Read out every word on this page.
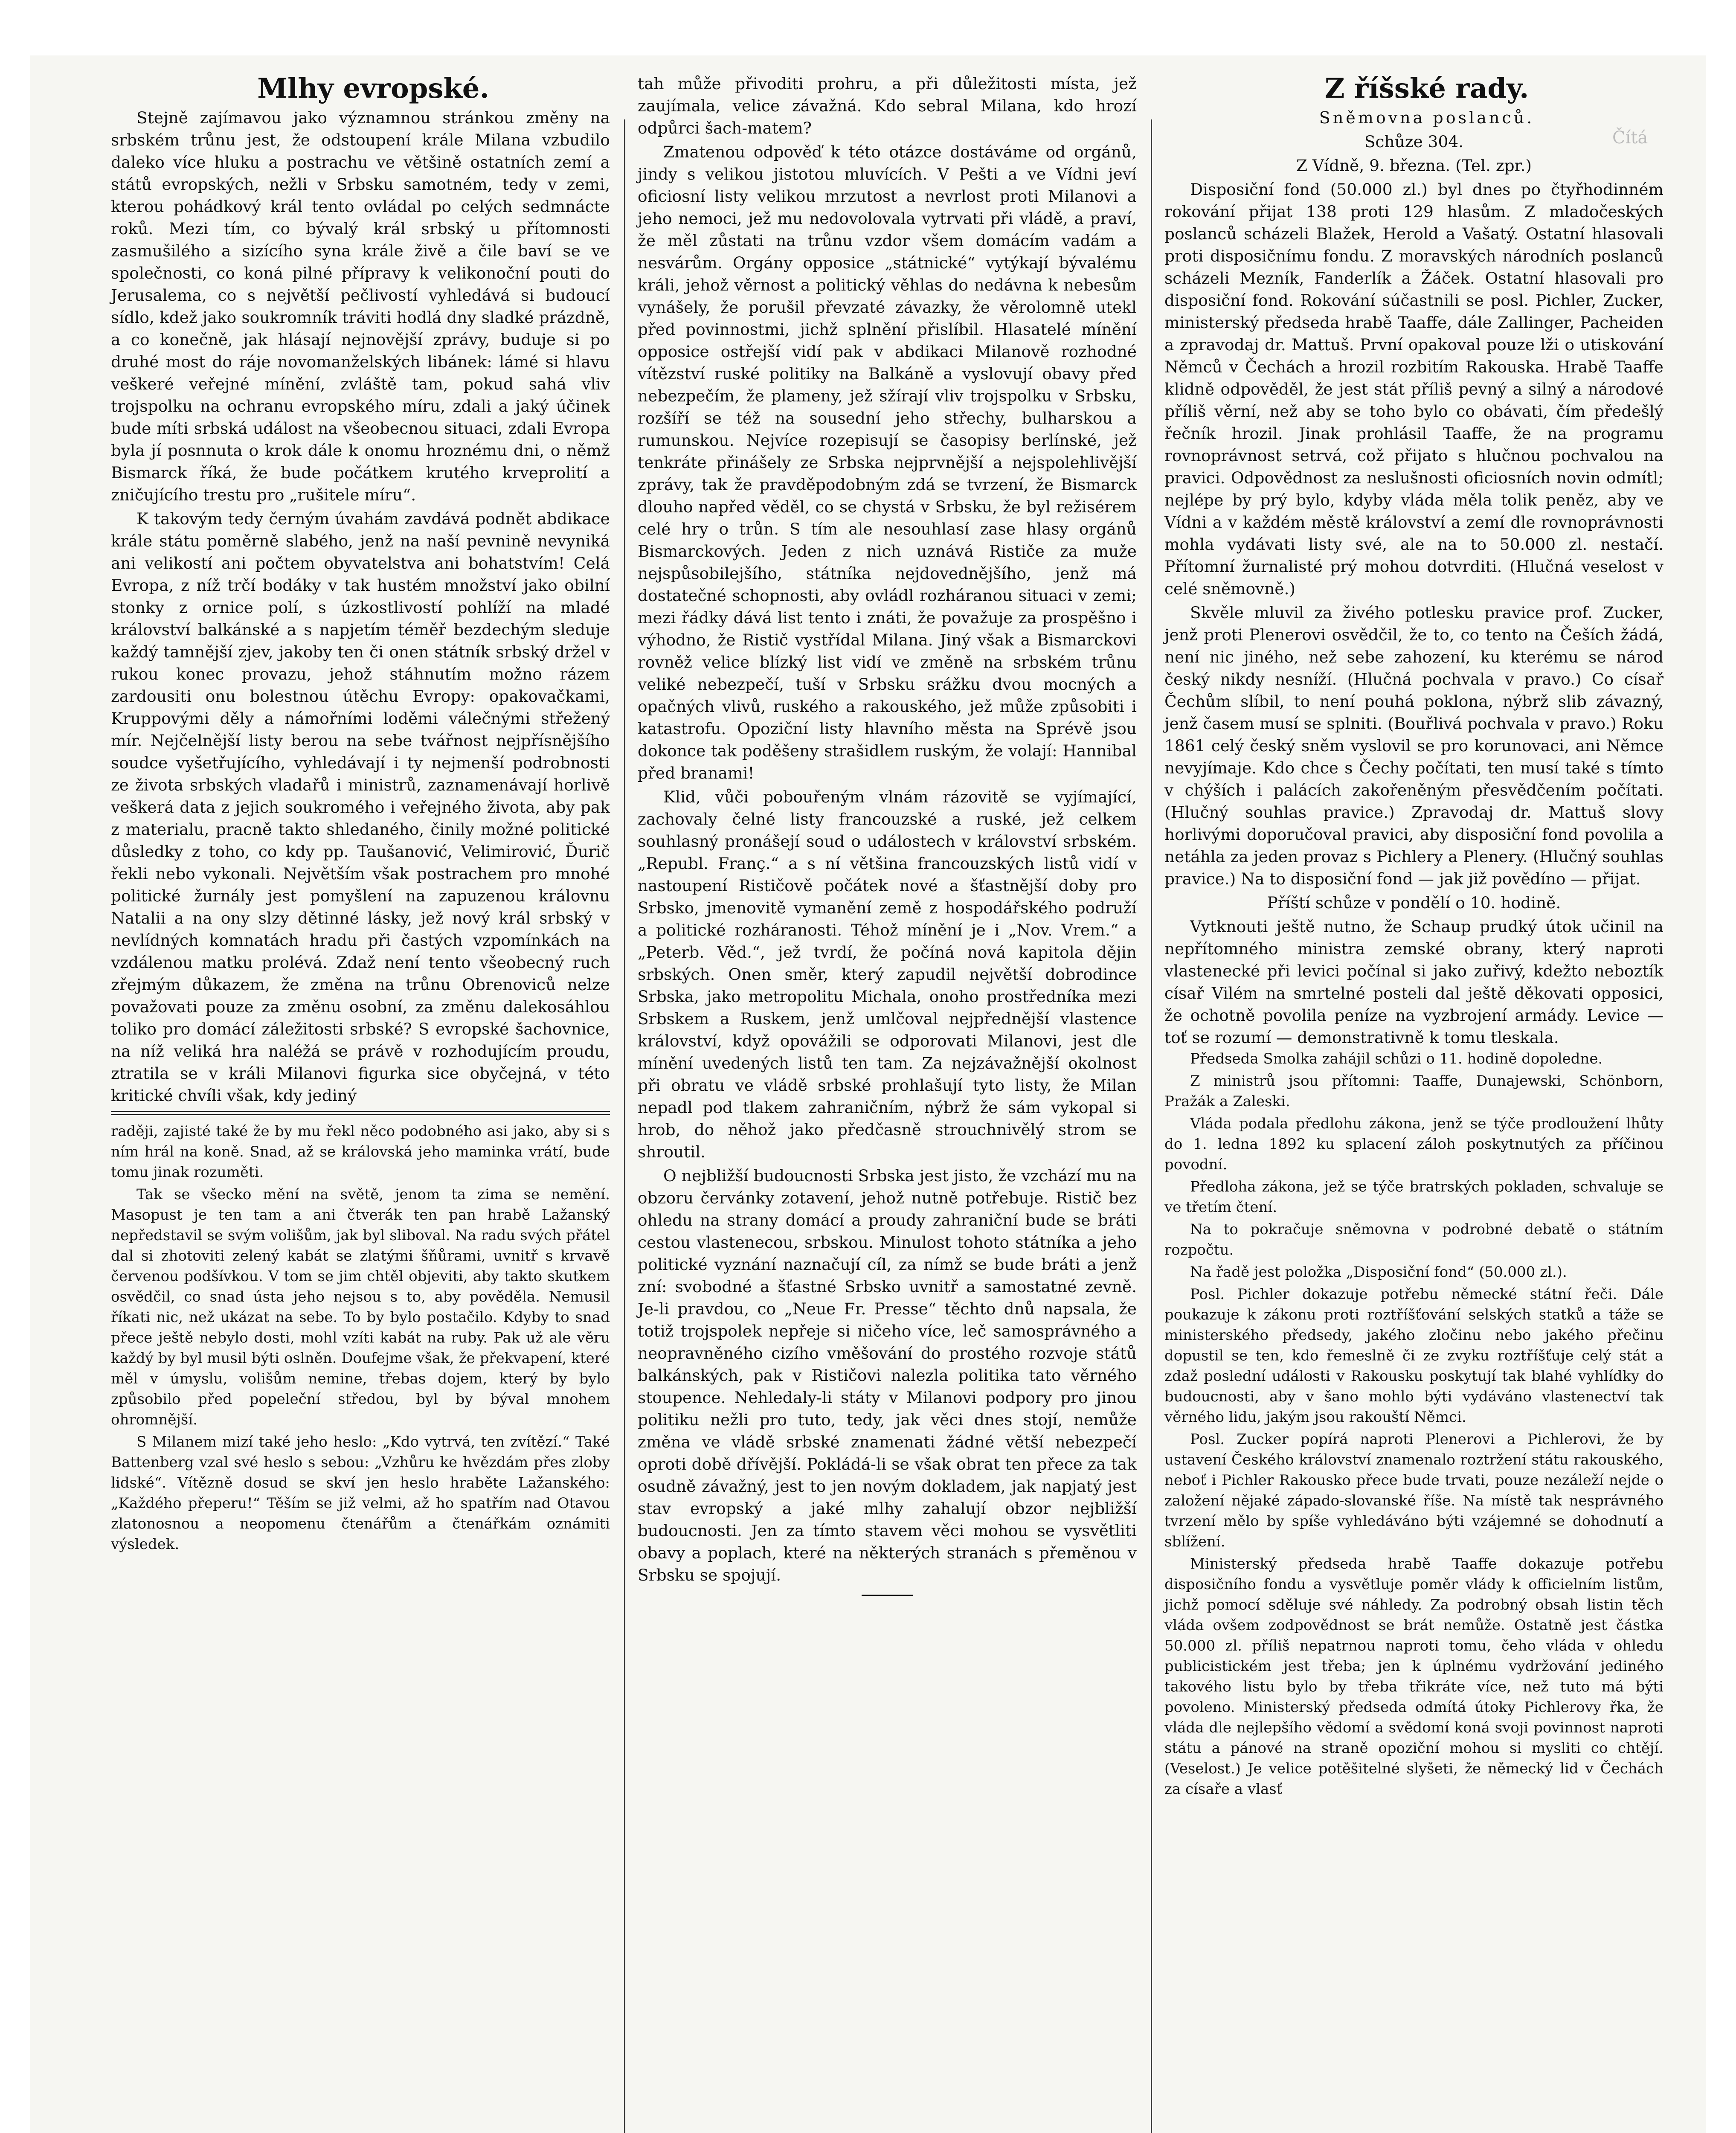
Čítá

Mlhy evropské.

Stejně zajímavou jako významnou stránkou změny na srbském trůnu jest, že odstoupení krále Milana vzbudilo daleko více hluku a postrachu ve většině ostatních zemí a států evropských, nežli v Srbsku samotném, tedy v zemi, kterou pohádkový král tento ovládal po celých sedmnácte roků. Mezi tím, co bývalý král srbský u přítomnosti zasmušilého a sizícího syna krále živě a čile baví se ve společnosti, co koná pilné přípravy k velikonoční pouti do Jerusalema, co s největší pečlivostí vyhledává si budoucí sídlo, kdež jako soukromník tráviti hodlá dny sladké prázdně, a co konečně, jak hlásají nejnovější zprávy, buduje si po druhé most do ráje novomanželských libánek: lámé si hlavu veškeré veřejné mínění, zvláště tam, pokud sahá vliv trojspolku na ochranu evropského míru, zdali a jaký účinek bude míti srbská událost na všeobecnou situaci, zdali Evropa byla jí posnnuta o krok dále k onomu hroznému dni, o němž Bismarck říká, že bude počátkem krutého krveprolití a zničujícího trestu pro „rušitele míru“.

K takovým tedy černým úvahám zavdává podnět abdikace krále státu poměrně slabého, jenž na naší pevnině nevyniká ani velikostí ani počtem obyvatelstva ani bohatstvím! Celá Evropa, z níž trčí bodáky v tak hustém množství jako obilní stonky z ornice polí, s úzkostlivostí pohlíží na mladé království balkánské a s napjetím téměř bezdechým sleduje každý tamnější zjev, jakoby ten či onen státník srbský držel v rukou konec provazu, jehož stáhnutím možno rázem zardousiti onu bolestnou útěchu Evropy: opakovačkami, Kruppovými děly a námořními loděmi válečnými střežený mír. Nejčelnější listy berou na sebe tvářnost nejpřísnějšího soudce vyšetřujícího, vyhledávají i ty nejmenší podrobnosti ze života srbských vladařů i ministrů, zaznamenávají horlivě veškerá data z jejich soukromého i veřejného života, aby pak z materialu, pracně takto shledaného, činily možné politické důsledky z toho, co kdy pp. Taušanović, Velimirović, Ďurič řekli nebo vykonali. Největším však postrachem pro mnohé politické žurnály jest pomyšlení na zapuzenou královnu Natalii a na ony slzy dětinné lásky, jež nový král srbský v nevlídných komnatách hradu při častých vzpomínkách na vzdálenou matku prolévá. Zdaž není tento všeobecný ruch zřejmým důkazem, že změna na trůnu Obrenoviců nelze považovati pouze za změnu osobní, za změnu dalekosáhlou toliko pro domácí záležitosti srbské? S evropské šachovnice, na níž veliká hra naléžá se právě v rozhodujícím proudu, ztratila se v králi Milanovi figurka sice obyčejná, v této kritické chvíli však, kdy jediný

raději, zajisté také že by mu řekl něco podobného asi jako, aby si s ním hrál na koně. Snad, až se královská jeho maminka vrátí, bude tomu jinak rozuměti.

Tak se všecko mění na světě, jenom ta zima se nemění. Masopust je ten tam a ani čtverák ten pan hrabě Lažanský nepředstavil se svým volišům, jak byl sliboval. Na radu svých přátel dal si zhotoviti zelený kabát se zlatými šňůrami, uvnitř s krvavě červenou podšívkou. V tom se jim chtěl objeviti, aby takto skutkem osvědčil, co snad ústa jeho nejsou s to, aby pověděla. Nemusil říkati nic, než ukázat na sebe. To by bylo postačilo. Kdyby to snad přece ještě nebylo dosti, mohl vzíti kabát na ruby. Pak už ale věru každý by byl musil býti oslněn. Doufejme však, že překvapení, které měl v úmyslu, volišům nemine, třebas dojem, který by bylo způsobilo před popeleční středou, byl by býval mnohem ohromnější.

S Milanem mizí také jeho heslo: „Kdo vytrvá, ten zvítězí.“ Také Battenberg vzal své heslo s sebou: „Vzhůru ke hvězdám přes zloby lidské“. Vítězně dosud se skví jen heslo hraběte Lažanského: „Každého přeperu!“ Těším se již velmi, až ho spatřím nad Otavou zlatonosnou a neopomenu čtenářům a čtenářkám oznámiti výsledek.

tah může přivoditi prohru, a při důležitosti místa, jež zaujímala, velice závažná. Kdo sebral Milana, kdo hrozí odpůrci šach-matem?

Zmatenou odpověď k této otázce dostáváme od orgánů, jindy s velikou jistotou mluvících. V Pešti a ve Vídni jeví oficiosní listy velikou mrzutost a nevrlost proti Milanovi a jeho nemoci, jež mu nedovolovala vytrvati při vládě, a praví, že měl zůstati na trůnu vzdor všem domácím vadám a nesvárům. Orgány opposice „státnické“ vytýkají bývalému králi, jehož věrnost a politický věhlas do nedávna k nebesům vynášely, že porušil převzaté závazky, že věrolomně utekl před povinnostmi, jichž splnění přislíbil. Hlasatelé mínění opposice ostřejší vidí pak v abdikaci Milanově rozhodné vítězství ruské politiky na Balkáně a vyslovují obavy před nebezpečím, že plameny, jež sžírají vliv trojspolku v Srbsku, rozšíří se též na sousední jeho střechy, bulharskou a rumunskou. Nejvíce rozepisují se časopisy berlínské, jež tenkráte přinášely ze Srbska nejprvnější a nejspolehlivější zprávy, tak že pravděpodobným zdá se tvrzení, že Bismarck dlouho napřed věděl, co se chystá v Srbsku, že byl režisérem celé hry o trůn. S tím ale nesouhlasí zase hlasy orgánů Bismarckových. Jeden z nich uznává Rističe za muže nejspůsobilejšího, státníka nejdovednějšího, jenž má dostatečné schopnosti, aby ovládl rozháranou situaci v zemi; mezi řádky dává list tento i znáti, že považuje za prospěšno i výhodno, že Ristič vystřídal Milana. Jiný však a Bismarckovi rovněž velice blízký list vidí ve změně na srbském trůnu veliké nebezpečí, tuší v Srbsku srážku dvou mocných a opačných vlivů, ruského a rakouského, jež může způsobiti i katastrofu. Opoziční listy hlavního města na Sprévě jsou dokonce tak poděšeny strašidlem ruským, že volají: Hannibal před branami!

Klid, vůči pobouřeným vlnám rázovitě se vyjímající, zachovaly čelné listy francouzské a ruské, jež celkem souhlasný pronášejí soud o událostech v království srbském. „Republ. Franç.“ a s ní většina francouzských listů vidí v nastoupení Rističově počátek nové a šťastnější doby pro Srbsko, jmenovitě vymanění země z hospodářského podruží a politické rozháranosti. Téhož mínění je i „Nov. Vrem.“ a „Peterb. Věd.“, jež tvrdí, že počíná nová kapitola dějin srbských. Onen směr, který zapudil největší dobrodince Srbska, jako metropolitu Michala, onoho prostředníka mezi Srbskem a Ruskem, jenž umlčoval nejpřednější vlastence království, když opovážili se odporovati Milanovi, jest dle mínění uvedených listů ten tam. Za nejzávažnější okolnost při obratu ve vládě srbské prohlašují tyto listy, že Milan nepadl pod tlakem zahraničním, nýbrž že sám vykopal si hrob, do něhož jako předčasně strouchnivělý strom se shroutil.

O nejbližší budoucnosti Srbska jest jisto, že vzchází mu na obzoru červánky zotavení, jehož nutně potřebuje. Ristič bez ohledu na strany domácí a proudy zahraniční bude se bráti cestou vlastenecou, srbskou. Minulost tohoto státníka a jeho politické vyznání naznačují cíl, za nímž se bude bráti a jenž zní: svobodné a šťastné Srbsko uvnitř a samostatné zevně. Je-li pravdou, co „Neue Fr. Presse“ těchto dnů napsala, že totiž trojspolek nepřeje si ničeho více, leč samosprávného a neopravněného cizího vměšování do prostého rozvoje států balkánských, pak v Rističovi nalezla politika tato věrného stoupence. Nehledaly-li státy v Milanovi podpory pro jinou politiku nežli pro tuto, tedy, jak věci dnes stojí, nemůže změna ve vládě srbské znamenati žádné větší nebezpečí oproti době dřívější. Pokládá-li se však obrat ten přece za tak osudně závažný, jest to jen novým dokladem, jak napjatý jest stav evropský a jaké mlhy zahalují obzor nejbližší budoucnosti. Jen za tímto stavem věci mohou se vysvětliti obavy a poplach, které na některých stranách s přeměnou v Srbsku se spojují.

Z říšské rady.

Sněmovna poslanců.

Schůze 304.

Z Vídně, 9. března. (Tel. zpr.)

Disposiční fond (50.000 zl.) byl dnes po čtyřhodinném rokování přijat 138 proti 129 hlasům. Z mladočeských poslanců scházeli Blažek, Herold a Vašatý. Ostatní hlasovali proti disposičnímu fondu. Z moravských národních poslanců scházeli Mezník, Fanderlík a Žáček. Ostatní hlasovali pro disposiční fond. Rokování súčastnili se posl. Pichler, Zucker, ministerský předseda hrabě Taaffe, dále Zallinger, Pacheiden a zpravodaj dr. Mattuš. První opakoval pouze lži o utiskování Němců v Čechách a hrozil rozbitím Rakouska. Hrabě Taaffe klidně odpověděl, že jest stát příliš pevný a silný a národové příliš věrní, než aby se toho bylo co obávati, čím předešlý řečník hrozil. Jinak prohlásil Taaffe, že na programu rovnoprávnost setrvá, což přijato s hlučnou pochvalou na pravici. Odpovědnost za neslušnosti oficiosních novin odmítl; nejlépe by prý bylo, kdyby vláda měla tolik peněz, aby ve Vídni a v každém městě království a zemí dle rovnoprávnosti mohla vydávati listy své, ale na to 50.000 zl. nestačí. Přítomní žurnalisté prý mohou dotvrditi. (Hlučná veselost v celé sněmovně.)

Skvěle mluvil za živého potlesku pravice prof. Zucker, jenž proti Plenerovi osvědčil, že to, co tento na Češích žádá, není nic jiného, než sebe zahození, ku kterému se národ český nikdy nesníží. (Hlučná pochvala v pravo.) Co císař Čechům slíbil, to není pouhá poklona, nýbrž slib závazný, jenž časem musí se splniti. (Bouřlivá pochvala v pravo.) Roku 1861 celý český sněm vyslovil se pro korunovaci, ani Němce nevyjímaje. Kdo chce s Čechy počítati, ten musí také s tímto v chýších i palácích zakořeněným přesvědčením počítati. (Hlučný souhlas pravice.) Zpravodaj dr. Mattuš slovy horlivými doporučoval pravici, aby disposiční fond povolila a netáhla za jeden provaz s Pichlery a Plenery. (Hlučný souhlas pravice.) Na to disposiční fond — jak již povědíno — přijat.

Příští schůze v pondělí o 10. hodině.

Vytknouti ještě nutno, že Schaup prudký útok učinil na nepřítomného ministra zemské obrany, který naproti vlastenecké při levici počínal si jako zuřivý, kdežto neboztík císař Vilém na smrtelné posteli dal ještě děkovati opposici, že ochotně povolila peníze na vyzbrojení armády. Levice — toť se rozumí — demonstrativně k tomu tleskala.

Předseda Smolka zahájil schůzi o 11. hodině dopoledne.

Z ministrů jsou přítomni: Taaffe, Dunajewski, Schönborn, Pražák a Zaleski.

Vláda podala předlohu zákona, jenž se týče prodloužení lhůty do 1. ledna 1892 ku splacení záloh poskytnutých za příčinou povodní.

Předloha zákona, jež se týče bratrských pokladen, schvaluje se ve třetím čtení.

Na to pokračuje sněmovna v podrobné debatě o státním rozpočtu.

Na řadě jest položka „Disposiční fond“ (50.000 zl.).

Posl. Pichler dokazuje potřebu německé státní řeči. Dále poukazuje k zákonu proti roztříšťování selských statků a táže se ministerského předsedy, jakého zločinu nebo jakého přečinu dopustil se ten, kdo řemeslně či ze zvyku roztříšťuje celý stát a zdaž poslední události v Rakousku poskytují tak blahé vyhlídky do budoucnosti, aby v šano mohlo býti vydáváno vlastenectví tak věrného lidu, jakým jsou rakouští Němci.

Posl. Zucker popírá naproti Plenerovi a Pichlerovi, že by ustavení Českého království znamenalo roztržení státu rakouského, neboť i Pichler Rakousko přece bude trvati, pouze nezáleží nejde o založení nějaké západo-slovanské říše. Na místě tak nesprávného tvrzení mělo by spíše vyhledáváno býti vzájemné se dohodnutí a sblížení.

Ministerský předseda hrabě Taaffe dokazuje potřebu disposičního fondu a vysvětluje poměr vlády k officielním listům, jichž pomocí sděluje své náhledy. Za podrobný obsah listin těch vláda ovšem zodpovědnost se brát nemůže. Ostatně jest částka 50.000 zl. příliš nepatrnou naproti tomu, čeho vláda v ohledu publicistickém jest třeba; jen k úplnému vydržování jediného takového listu bylo by třeba třikráte více, než tuto má býti povoleno. Ministerský předseda odmítá útoky Pichlerovy řka, že vláda dle nejlepšího vědomí a svědomí koná svoji povinnost naproti státu a pánové na straně opoziční mohou si mysliti co chtějí. (Veselost.) Je velice potěšitelné slyšeti, že německý lid v Čechách za císaře a vlasť
